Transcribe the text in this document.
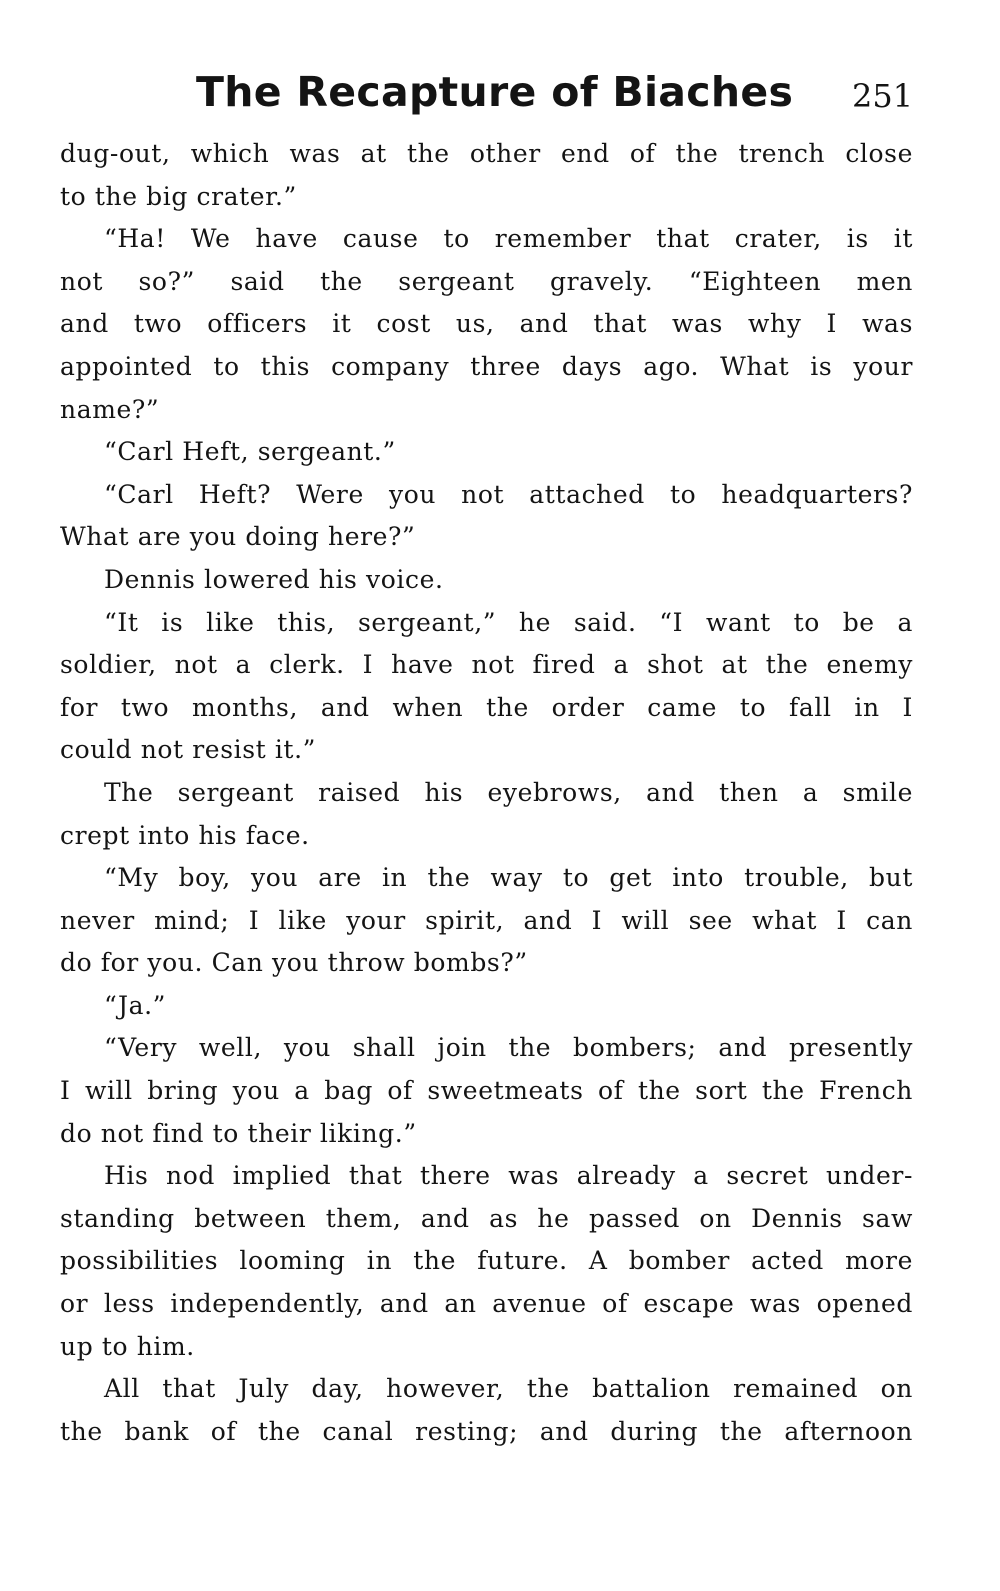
The Recapture of Biaches 251
dug-out, which was at the other end of the trench close
to the big crater.”
“Ha! We have cause to remember that crater, is it
not so?” said the sergeant gravely. “Eighteen men
and two officers it cost us, and that was why I was
appointed to this company three days ago. What is your
name?”
“Carl Heft, sergeant.”
“Carl Heft? Were you not attached to headquarters?
What are you doing here?”
Dennis lowered his voice.
“It is like this, sergeant,” he said. “I want to be a
soldier, not a clerk. I have not fired a shot at the enemy
for two months, and when the order came to fall in I
could not resist it.”
The sergeant raised his eyebrows, and then a smile
crept into his face.
“My boy, you are in the way to get into trouble, but
never mind; I like your spirit, and I will see what I can
do for you. Can you throw bombs?”
“Ja.”
“Very well, you shall join the bombers; and presently
I will bring you a bag of sweetmeats of the sort the French
do not find to their liking.”
His nod implied that there was already a secret under-
standing between them, and as he passed on Dennis saw
possibilities looming in the future. A bomber acted more
or less independently, and an avenue of escape was opened
up to him.
All that July day, however, the battalion remained on
the bank of the canal resting; and during the afternoon
